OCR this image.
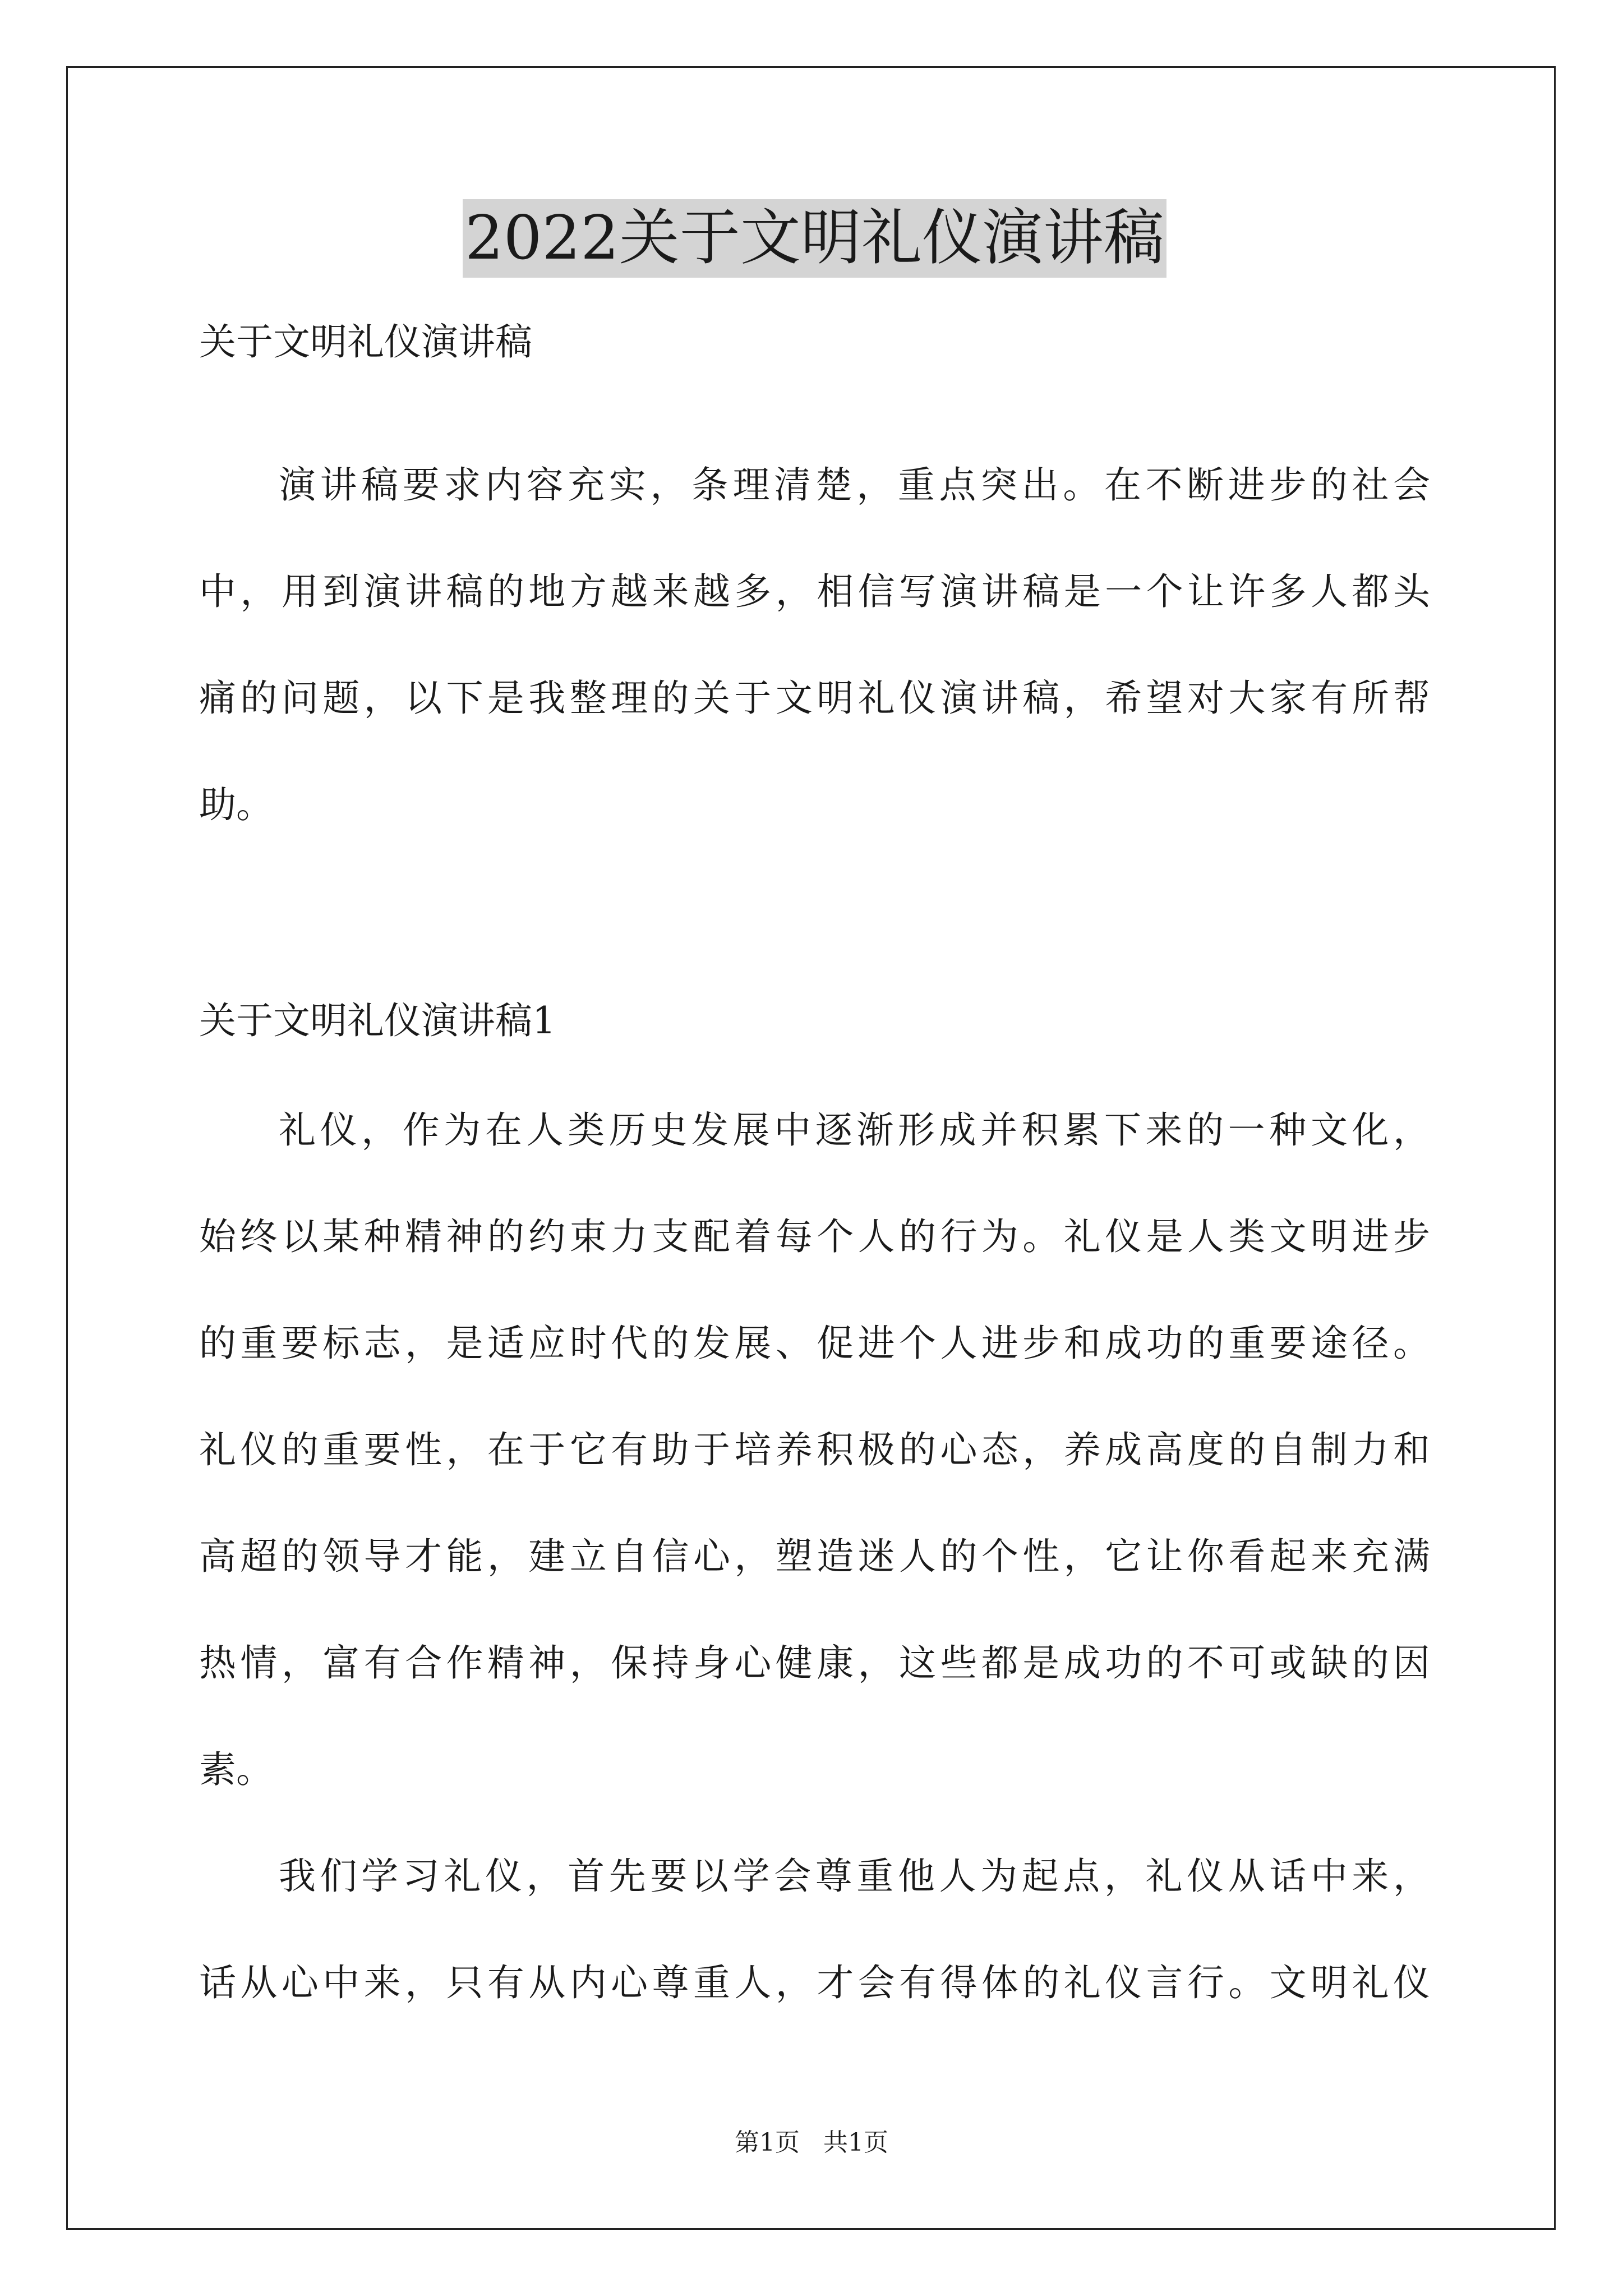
2022关于文明礼仪演讲稿
关于文明礼仪演讲稿
演讲稿要求内容充实，条理清楚，重点突出。在不断进步的社会
中，用到演讲稿的地方越来越多，相信写演讲稿是一个让许多人都头
痛的问题，以下是我整理的关于文明礼仪演讲稿，希望对大家有所帮
助。
关于文明礼仪演讲稿1
礼仪，作为在人类历史发展中逐渐形成并积累下来的一种文化，
始终以某种精神的约束力支配着每个人的行为。礼仪是人类文明进步
的重要标志，是适应时代的发展、促进个人进步和成功的重要途径。
礼仪的重要性，在于它有助于培养积极的心态，养成高度的自制力和
高超的领导才能，建立自信心，塑造迷人的个性，它让你看起来充满
热情，富有合作精神，保持身心健康，这些都是成功的不可或缺的因
素。
我们学习礼仪，首先要以学会尊重他人为起点，礼仪从话中来，
话从心中来，只有从内心尊重人，才会有得体的礼仪言行。文明礼仪
第1页   共1页
